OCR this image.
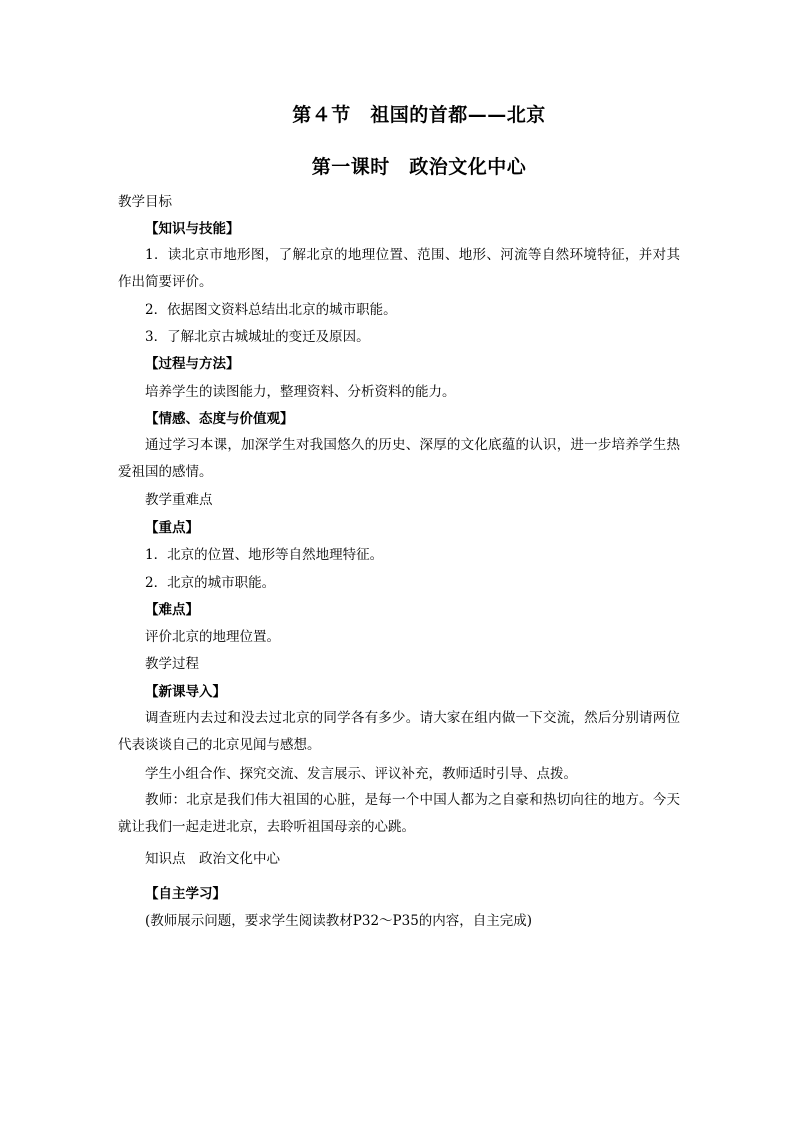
第４节　祖国的首都——北京
第一课时　政治文化中心
教学目标
【知识与技能】
1．读北京市地形图，了解北京的地理位置、范围、地形、河流等自然环境特征，并对其作出简要评价。
2．依据图文资料总结出北京的城市职能。
3．了解北京古城城址的变迁及原因。
【过程与方法】
培养学生的读图能力，整理资料、分析资料的能力。
【情感、态度与价值观】
通过学习本课，加深学生对我国悠久的历史、深厚的文化底蕴的认识，进一步培养学生热爱祖国的感情。
教学重难点
【重点】
1．北京的位置、地形等自然地理特征。
2．北京的城市职能。
【难点】
评价北京的地理位置。
教学过程
【新课导入】
调查班内去过和没去过北京的同学各有多少。请大家在组内做一下交流，然后分别请两位代表谈谈自己的北京见闻与感想。
学生小组合作、探究交流、发言展示、评议补充，教师适时引导、点拨。
教师：北京是我们伟大祖国的心脏，是每一个中国人都为之自豪和热切向往的地方。今天就让我们一起走进北京，去聆听祖国母亲的心跳。
知识点　政治文化中心
【自主学习】
(教师展示问题，要求学生阅读教材P32～P35的内容，自主完成)
